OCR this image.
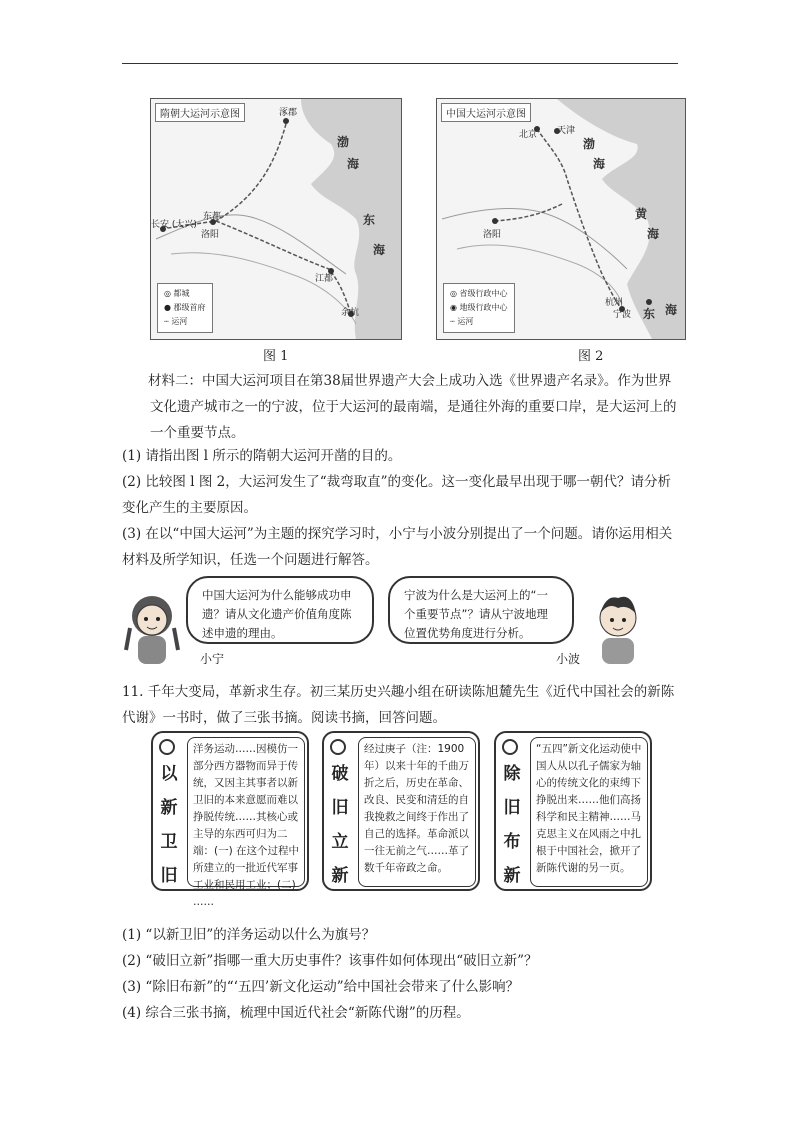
隋朝大运河示意图	涿郡
长安 (大兴)
东都
洛阳
江都
余杭
渤
海
东
海
◎ 都城
● 郡级首府
┄ 运河
图 1
中国大运河示意图
北京 天津
洛阳
杭州
宁波
渤
海
黄
海
东 海
◎ 省级行政中心
◉ 地级行政中心
┄ 运河
图 2
材料二：中国大运河项目在第38届世界遗产大会上成功入选《世界遗产名录》。作为世界文化遗产城市之一的宁波，位于大运河的最南端，是通往外海的重要口岸，是大运河上的一个重要节点。
(1) 请指出图 l 所示的隋朝大运河开凿的目的。
(2) 比较图 l 图 2，大运河发生了“裁弯取直”的变化。这一变化最早出现于哪一朝代？请分析变化产生的主要原因。
(3) 在以“中国大运河”为主题的探究学习时，小宁与小波分别提出了一个问题。请你运用相关材料及所学知识，任选一个问题进行解答。
中国大运河为什么能够成功申遗？请从文化遗产价值角度陈述申遗的理由。
小宁
宁波为什么是大运河上的“一个重要节点”？请从宁波地理位置优势角度进行分析。
小波
11. 千年大变局，革新求生存。初三某历史兴趣小组在研读陈旭麓先生《近代中国社会的新陈代谢》一书时，做了三张书摘。阅读书摘，回答问题。
以新卫旧
洋务运动……因模仿一部分西方器物而异于传统，又因主其事者以新卫旧的本来意愿而难以挣脱传统……其核心或主导的东西可归为二端：(一) 在这个过程中所建立的一批近代军事工业和民用工业；(二) ……
破旧立新
经过庚子（注：1900 年）以来十年的千曲万折之后，历史在革命、改良、民变和清廷的自我挽救之间终于作出了自己的选择。革命派以一往无前之气……革了数千年帝政之命。
除旧布新
“五四”新文化运动使中国人从以孔子儒家为轴心的传统文化的束缚下挣脱出来……他们高扬科学和民主精神……马克思主义在风雨之中扎根于中国社会，掀开了新陈代谢的另一页。
(1) “以新卫旧”的洋务运动以什么为旗号？
(2) “破旧立新”指哪一重大历史事件？该事件如何体现出“破旧立新”？
(3) “除旧布新”的“‘五四’新文化运动”给中国社会带来了什么影响？
(4) 综合三张书摘，梳理中国近代社会“新陈代谢”的历程。
